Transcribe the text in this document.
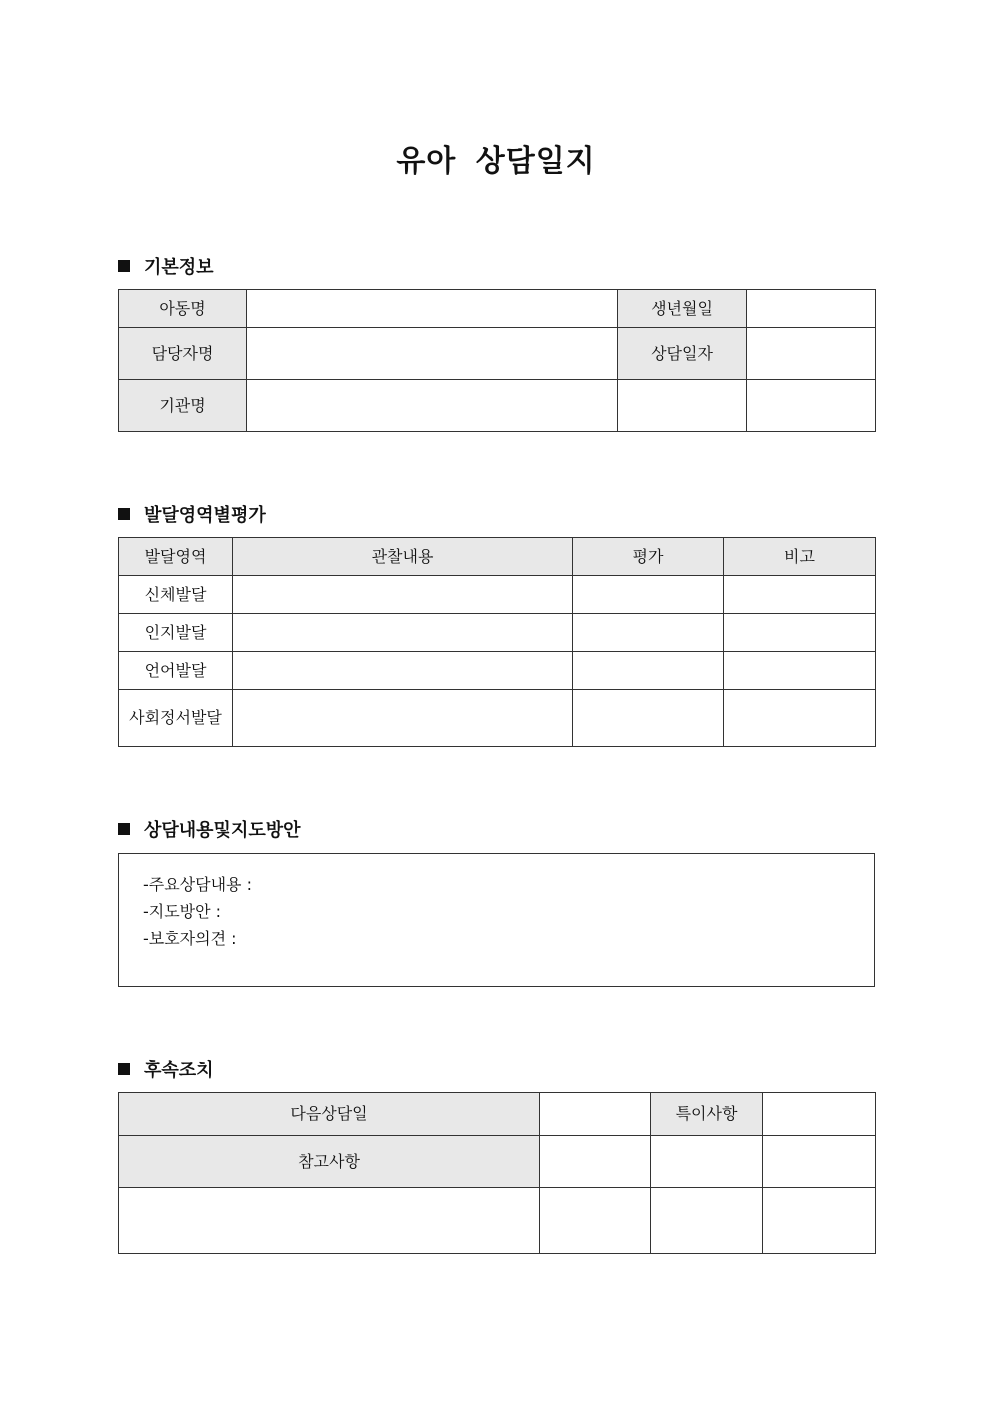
유아 상담일지
기본정보
아동명		생년월일	
담당자명		상담일자	
기관명			
발달영역별평가
발달영역	관찰내용	평가	비고
신체발달			
인지발달			
언어발달			
사회정서발달			
상담내용및지도방안
-주요상담내용 :
-지도방안 :
-보호자의견 :
후속조치
다음상담일		특이사항	
참고사항			
